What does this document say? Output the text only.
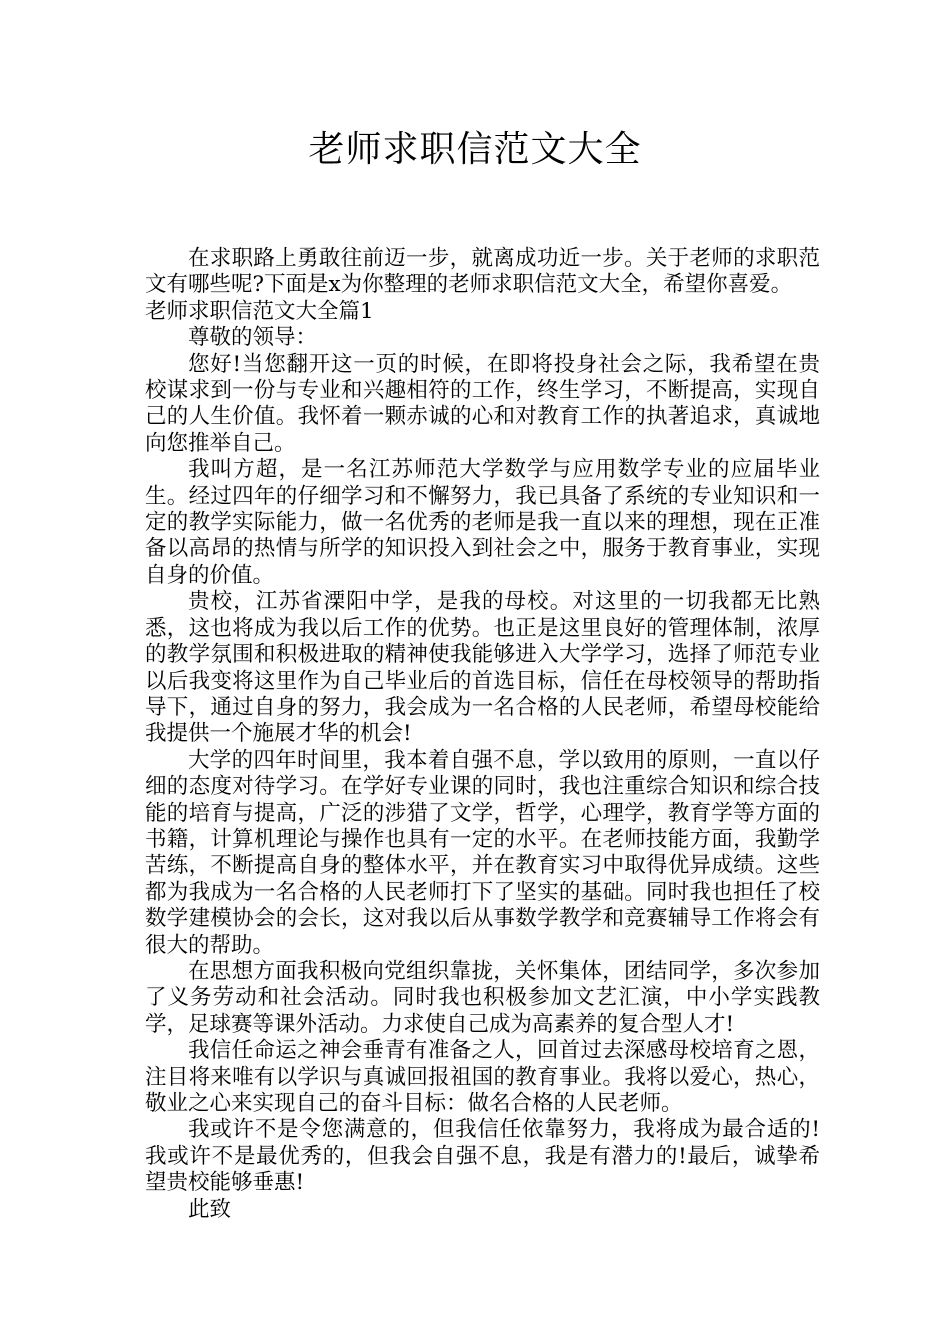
老师求职信范文大全

在求职路上勇敢往前迈一步，就离成功近一步。关于老师的求职范文有哪些呢?下面是x为你整理的老师求职信范文大全，希望你喜爱。

老师求职信范文大全篇1

尊敬的领导：

您好!当您翻开这一页的时候，在即将投身社会之际，我希望在贵校谋求到一份与专业和兴趣相符的工作，终生学习，不断提高，实现自己的人生价值。我怀着一颗赤诚的心和对教育工作的执著追求，真诚地向您推举自己。

我叫方超，是一名江苏师范大学数学与应用数学专业的应届毕业生。经过四年的仔细学习和不懈努力，我已具备了系统的专业知识和一定的教学实际能力，做一名优秀的老师是我一直以来的理想，现在正准备以高昂的热情与所学的知识投入到社会之中，服务于教育事业，实现自身的价值。

贵校，江苏省溧阳中学，是我的母校。对这里的一切我都无比熟悉，这也将成为我以后工作的优势。也正是这里良好的管理体制，浓厚的教学氛围和积极进取的精神使我能够进入大学学习，选择了师范专业以后我变将这里作为自己毕业后的首选目标，信任在母校领导的帮助指导下，通过自身的努力，我会成为一名合格的人民老师，希望母校能给我提供一个施展才华的机会!

大学的四年时间里，我本着自强不息，学以致用的原则，一直以仔细的态度对待学习。在学好专业课的同时，我也注重综合知识和综合技能的培育与提高，广泛的涉猎了文学，哲学，心理学，教育学等方面的书籍，计算机理论与操作也具有一定的水平。在老师技能方面，我勤学苦练，不断提高自身的整体水平，并在教育实习中取得优异成绩。这些都为我成为一名合格的人民老师打下了坚实的基础。同时我也担任了校数学建模协会的会长，这对我以后从事数学教学和竞赛辅导工作将会有很大的帮助。

在思想方面我积极向党组织靠拢，关怀集体，团结同学，多次参加了义务劳动和社会活动。同时我也积极参加文艺汇演，中小学实践教学，足球赛等课外活动。力求使自己成为高素养的复合型人才!

我信任命运之神会垂青有准备之人，回首过去深感母校培育之恩，注目将来唯有以学识与真诚回报祖国的教育事业。我将以爱心，热心，敬业之心来实现自己的奋斗目标：做名合格的人民老师。

我或许不是令您满意的，但我信任依靠努力，我将成为最合适的!我或许不是最优秀的，但我会自强不息，我是有潜力的!最后，诚挚希望贵校能够垂惠!

此致
